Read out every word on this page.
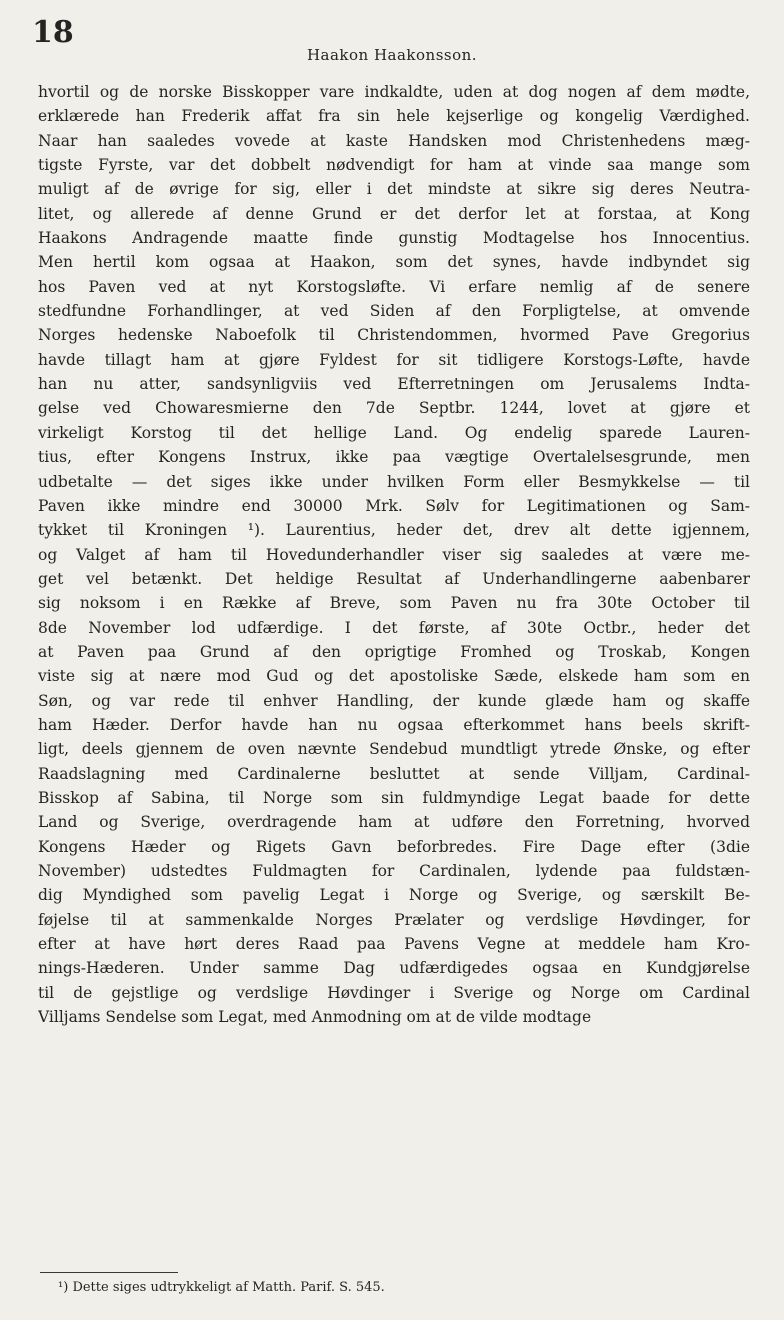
18
Haakon Haakonsson.
hvortil og de norske Bisskopper vare indkaldte, uden at dog nogen af dem mødte,
erklærede han Frederik affat fra sin hele kejserlige og kongelig Værdighed.
Naar han saaledes vovede at kaste Handsken mod Christenhedens mæg-
tigste Fyrste, var det dobbelt nødvendigt for ham at vinde saa mange som
muligt af de øvrige for sig, eller i det mindste at sikre sig deres Neutra-
litet, og allerede af denne Grund er det derfor let at forstaa, at Kong
Haakons Andragende maatte finde gunstig Modtagelse hos Innocentius.
Men hertil kom ogsaa at Haakon, som det synes, havde indbyndet sig
hos Paven ved at nyt Korstogsløfte. Vi erfare nemlig af de senere
stedfundne Forhandlinger, at ved Siden af den Forpligtelse, at omvende
Norges hedenske Naboefolk til Christendommen, hvormed Pave Gregorius
havde tillagt ham at gjøre Fyldest for sit tidligere Korstogs-Løfte, havde
han nu atter, sandsynligviis ved Efterretningen om Jerusalems Indta-
gelse ved Chowaresmierne den 7de Septbr. 1244, lovet at gjøre et
virkeligt Korstog til det hellige Land. Og endelig sparede Lauren-
tius, efter Kongens Instrux, ikke paa vægtige Overtalelsesgrunde, men
udbetalte — det siges ikke under hvilken Form eller Besmykkelse — til
Paven ikke mindre end 30000 Mrk. Sølv for Legitimationen og Sam-
tykket til Kroningen ¹). Laurentius, heder det, drev alt dette igjennem,
og Valget af ham til Hovedunderhandler viser sig saaledes at være me-
get vel betænkt. Det heldige Resultat af Underhandlingerne aabenbarer
sig noksom i en Række af Breve, som Paven nu fra 30te October til
8de November lod udfærdige. I det første, af 30te Octbr., heder det
at Paven paa Grund af den oprigtige Fromhed og Troskab, Kongen
viste sig at nære mod Gud og det apostoliske Sæde, elskede ham som en
Søn, og var rede til enhver Handling, der kunde glæde ham og skaffe
ham Hæder. Derfor havde han nu ogsaa efterkommet hans beels skrift-
ligt, deels gjennem de oven nævnte Sendebud mundtligt ytrede Ønske, og efter
Raadslagning med Cardinalerne besluttet at sende Villjam, Cardinal-
Bisskop af Sabina, til Norge som sin fuldmyndige Legat baade for dette
Land og Sverige, overdragende ham at udføre den Forretning, hvorved
Kongens Hæder og Rigets Gavn beforbredes. Fire Dage efter (3die
November) udstedtes Fuldmagten for Cardinalen, lydende paa fuldstæn-
dig Myndighed som pavelig Legat i Norge og Sverige, og særskilt Be-
føjelse til at sammenkalde Norges Prælater og verdslige Høvdinger, for
efter at have hørt deres Raad paa Pavens Vegne at meddele ham Kro-
nings-Hæderen. Under samme Dag udfærdigedes ogsaa en Kundgjørelse
til de gejstlige og verdslige Høvdinger i Sverige og Norge om Cardinal
Villjams Sendelse som Legat, med Anmodning om at de vilde modtage
¹) Dette siges udtrykkeligt af Matth. Parif. S. 545.
